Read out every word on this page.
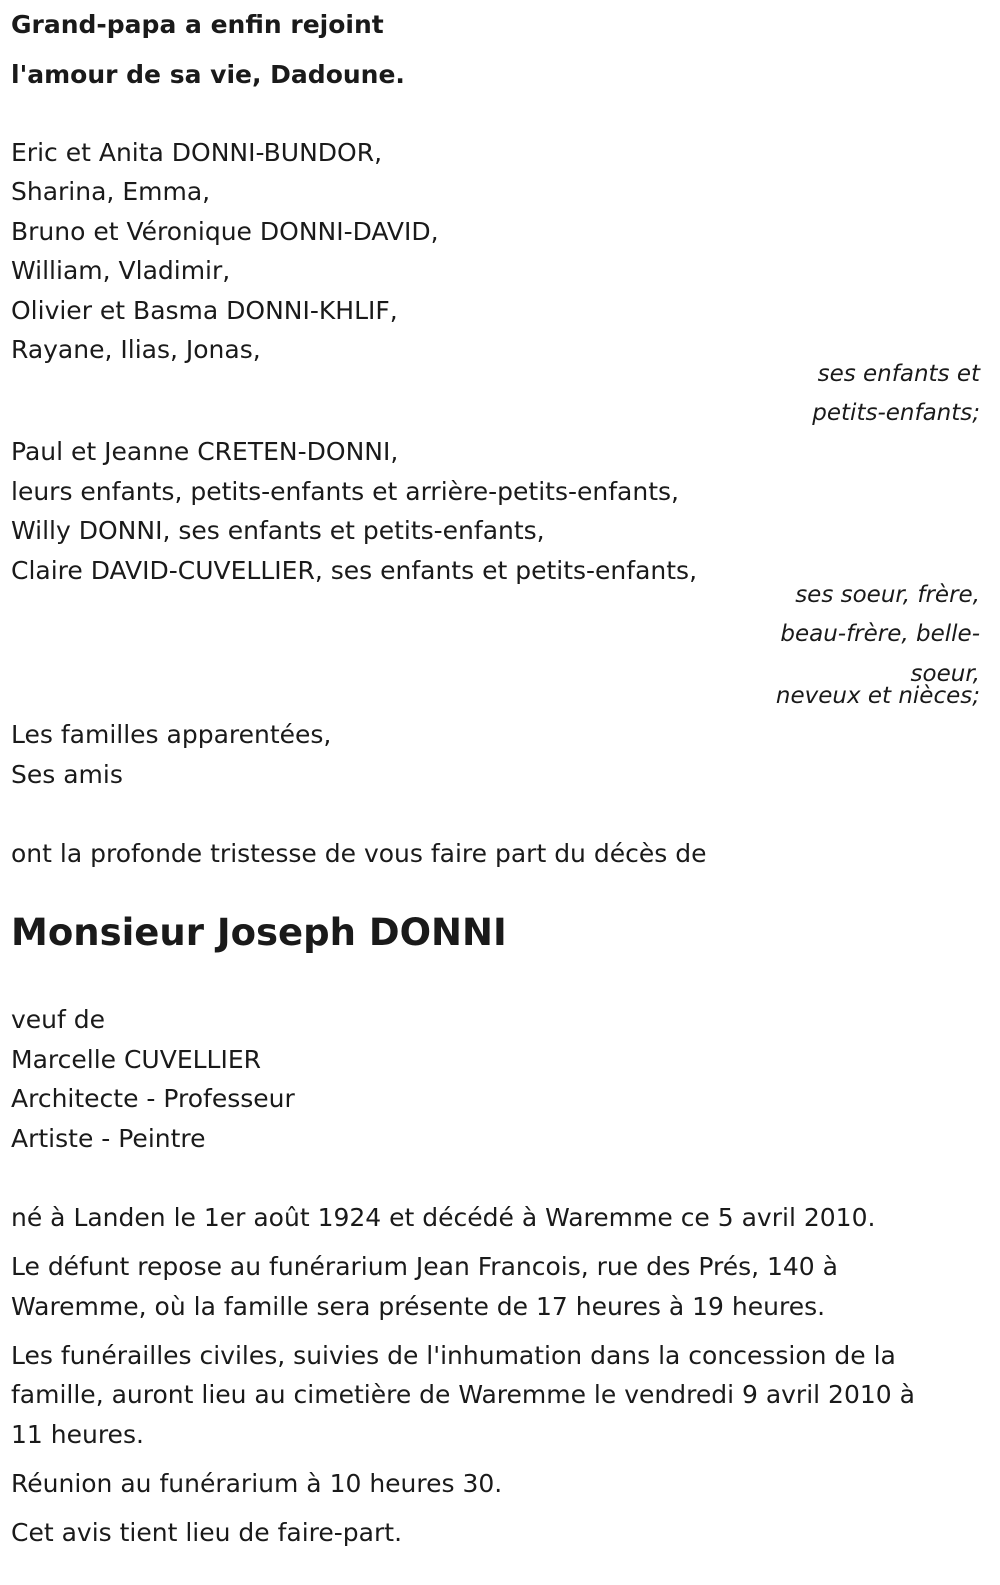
Grand-papa a enfin rejoint
l'amour de sa vie, Dadoune.
Eric et Anita DONNI-BUNDOR,
Sharina, Emma,
Bruno et Véronique DONNI-DAVID,
William, Vladimir,
Olivier et Basma DONNI-KHLIF,
Rayane, Ilias, Jonas,
ses enfants et
petits-enfants;
Paul et Jeanne CRETEN-DONNI,
leurs enfants, petits-enfants et arrière-petits-enfants,
Willy DONNI, ses enfants et petits-enfants,
Claire DAVID-CUVELLIER, ses enfants et petits-enfants,
ses soeur, frère,
beau-frère, belle-
soeur,
neveux et nièces;
Les familles apparentées,
Ses amis
ont la profonde tristesse de vous faire part du décès de
Monsieur Joseph DONNI
veuf de
Marcelle CUVELLIER
Architecte - Professeur
Artiste - Peintre
né à Landen le 1er août 1924 et décédé à Waremme ce 5 avril 2010.
Le défunt repose au funérarium Jean Francois, rue des Prés, 140 à
Waremme, où la famille sera présente de 17 heures à 19 heures.
Les funérailles civiles, suivies de l'inhumation dans la concession de la
famille, auront lieu au cimetière de Waremme le vendredi 9 avril 2010 à
11 heures.
Réunion au funérarium à 10 heures 30.
Cet avis tient lieu de faire-part.
